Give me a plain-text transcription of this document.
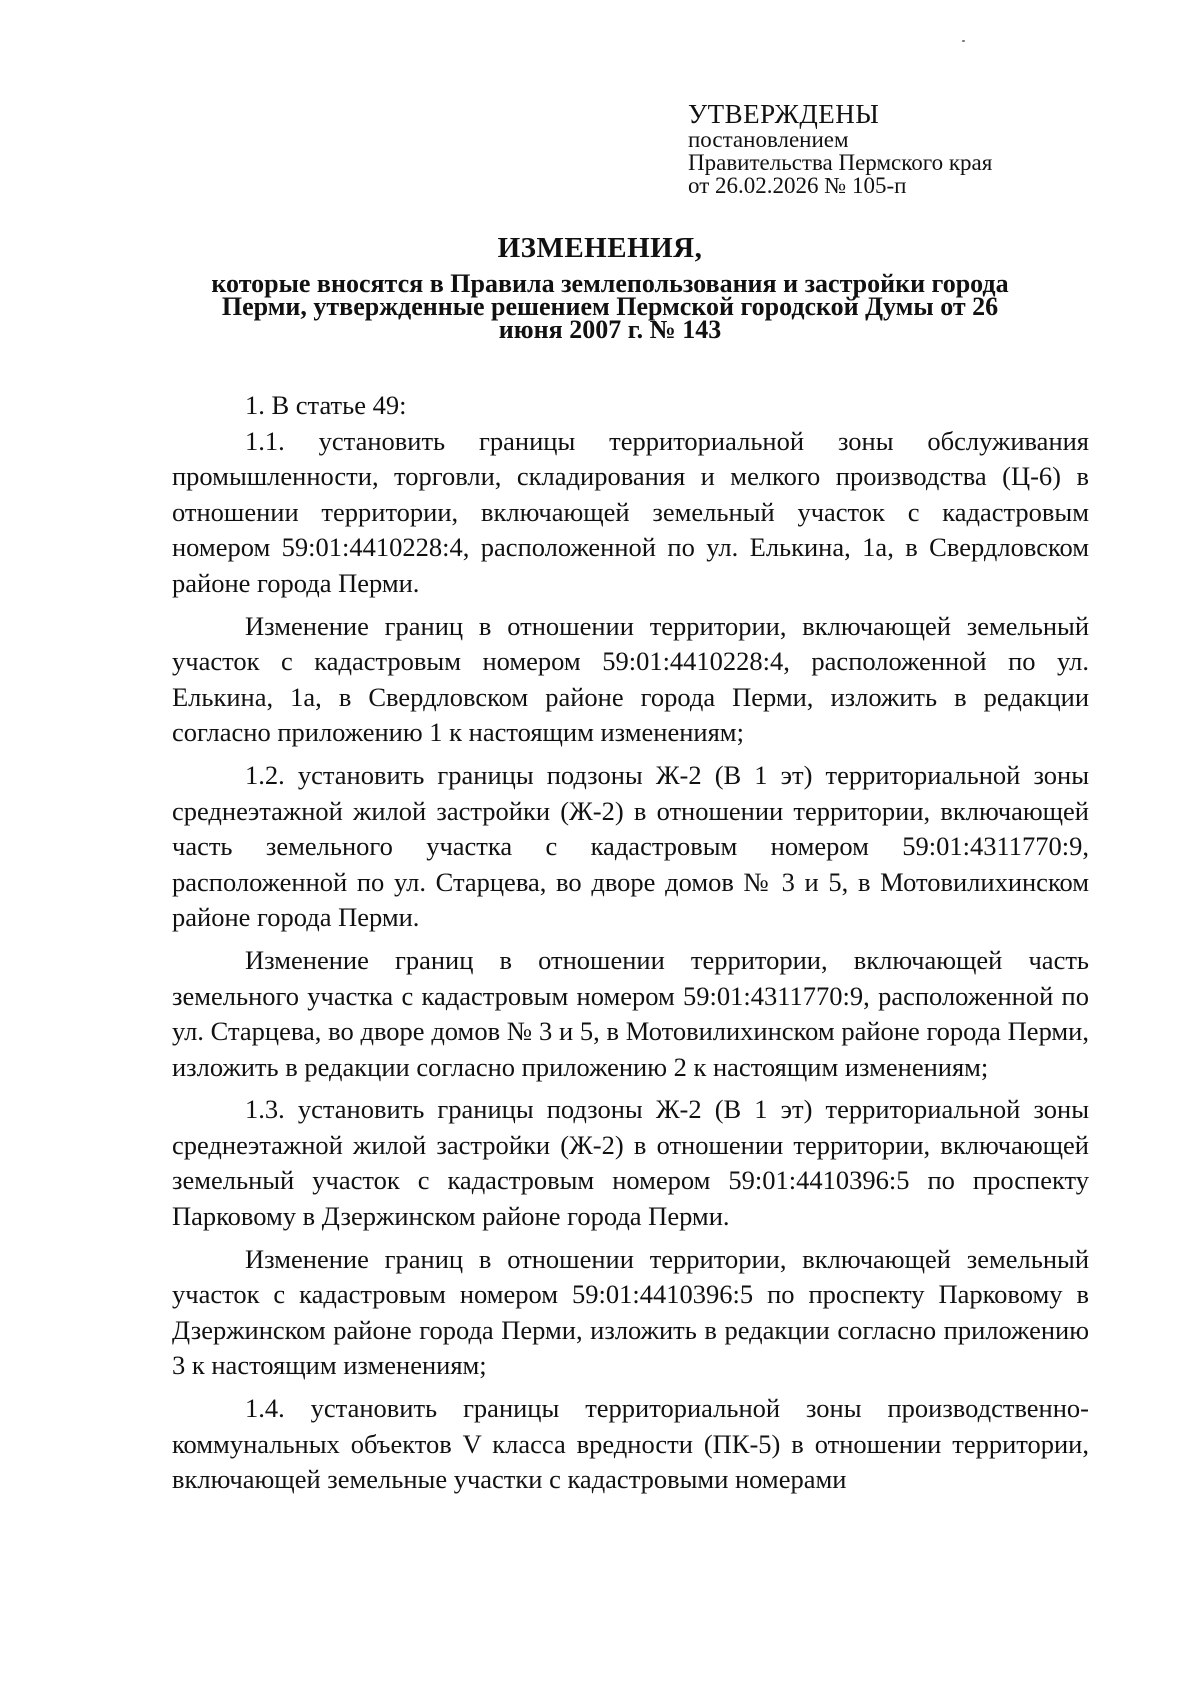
УТВЕРЖДЕНЫ
постановлением
Правительства Пермского края
от 26.02.2026 № 105-п
ИЗМЕНЕНИЯ,
которые вносятся в Правила землепользования и застройки города Перми, утвержденные решением Пермской городской Думы от 26 июня 2007 г. № 143

1. В статье 49:

1.1. установить границы территориальной зоны обслуживания промышленности, торговли, складирования и мелкого производства (Ц-6) в отношении территории, включающей земельный участок с кадастровым номером 59:01:4410228:4, расположенной по ул. Елькина, 1а, в Свердловском районе города Перми.

Изменение границ в отношении территории, включающей земельный участок с кадастровым номером 59:01:4410228:4, расположенной по ул. Елькина, 1а, в Свердловском районе города Перми, изложить в редакции согласно приложению 1 к настоящим изменениям;

1.2. установить границы подзоны Ж-2 (В 1 эт) территориальной зоны среднеэтажной жилой застройки (Ж-2) в отношении территории, включающей часть земельного участка с кадастровым номером 59:01:4311770:9, расположенной по ул. Старцева, во дворе домов № 3 и 5, в Мотовилихинском районе города Перми.

Изменение границ в отношении территории, включающей часть земельного участка с кадастровым номером 59:01:4311770:9, расположенной по ул. Старцева, во дворе домов № 3 и 5, в Мотовилихинском районе города Перми, изложить в редакции согласно приложению 2 к настоящим изменениям;

1.3. установить границы подзоны Ж-2 (В 1 эт) территориальной зоны среднеэтажной жилой застройки (Ж-2) в отношении территории, включающей земельный участок с кадастровым номером 59:01:4410396:5 по проспекту Парковому в Дзержинском районе города Перми.

Изменение границ в отношении территории, включающей земельный участок с кадастровым номером 59:01:4410396:5 по проспекту Парковому в Дзержинском районе города Перми, изложить в редакции согласно приложению 3 к настоящим изменениям;

1.4. установить границы территориальной зоны производственно-коммунальных объектов V класса вредности (ПК-5) в отношении территории, включающей земельные участки с кадастровыми номерами
